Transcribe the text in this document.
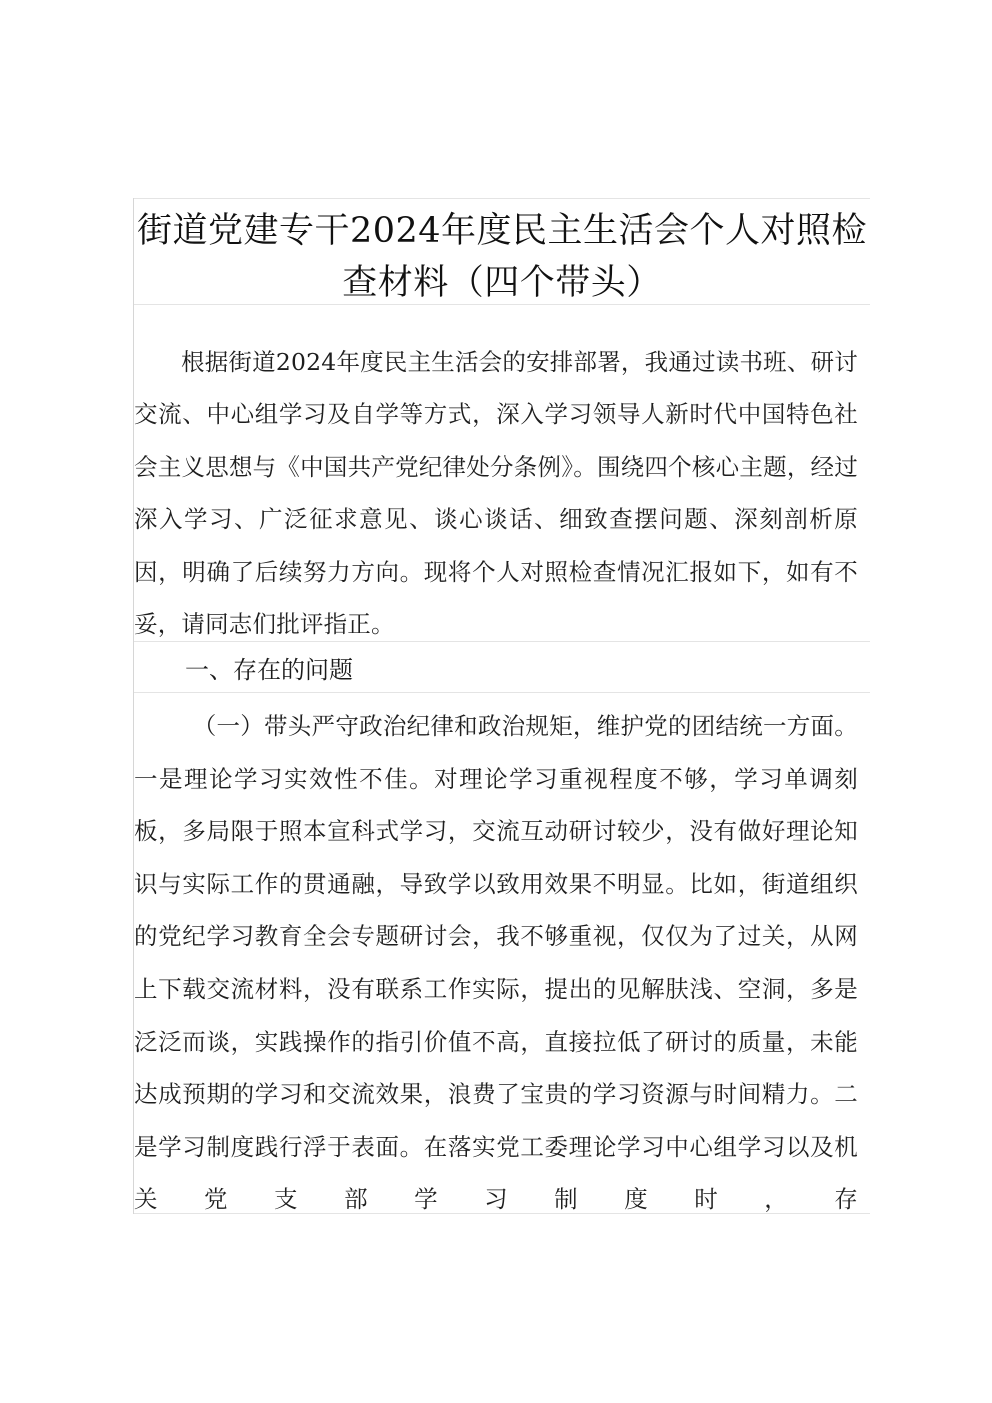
街道党建专干2024年度民主生活会个人对照检
查材料（四个带头）

根据街道2024年度民主生活会的安排部署，我通过读书班、研讨交流、中心组学习及自学等方式，深入学习领导人新时代中国特色社会主义思想与《中国共产党纪律处分条例》。围绕四个核心主题，经过深入学习、广泛征求意见、谈心谈话、细致查摆问题、深刻剖析原因，明确了后续努力方向。现将个人对照检查情况汇报如下，如有不妥，请同志们批评指正。

一、存在的问题

（一）带头严守政治纪律和政治规矩，维护党的团结统一方面。一是理论学习实效性不佳。对理论学习重视程度不够，学习单调刻板，多局限于照本宣科式学习，交流互动研讨较少，没有做好理论知识与实际工作的贯通融，导致学以致用效果不明显。比如，街道组织的党纪学习教育全会专题研讨会，我不够重视，仅仅为了过关，从网上下载交流材料，没有联系工作实际，提出的见解肤浅、空洞，多是泛泛而谈，实践操作的指引价值不高，直接拉低了研讨的质量，未能达成预期的学习和交流效果，浪费了宝贵的学习资源与时间精力。二是学习制度践行浮于表面。在落实党工委理论学习中心组学习以及机关党支部学习制度时，存
